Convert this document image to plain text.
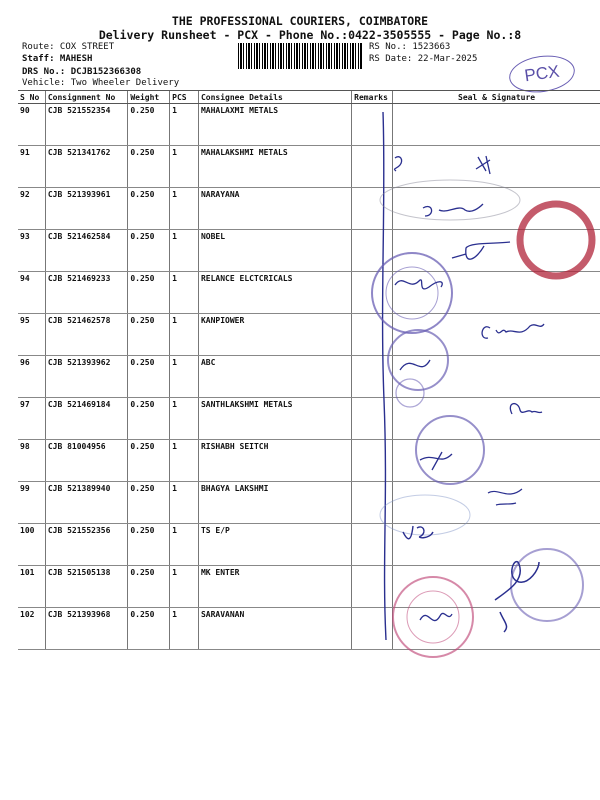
THE PROFESSIONAL COURIERS, COIMBATORE
Delivery Runsheet - PCX - Phone No.:0422-3505555 - Page No.:8
Route: COX STREET
Staff: MAHESH
DRS No.: DCJB152366308
Vehicle: Two Wheeler Delivery
RS No.: 1523663
RS Date: 22-Mar-2025
PCX
S No	Consignment No	Weight	PCS	Consignee Details	Remarks	Seal & Signature
90	CJB 521552354	0.250	1	MAHALAXMI METALS		
91	CJB 521341762	0.250	1	MAHALAKSHMI METALS		
92	CJB 521393961	0.250	1	NARAYANA		
93	CJB 521462584	0.250	1	NOBEL		
94	CJB 521469233	0.250	1	RELANCE ELCTCRICALS		
95	CJB 521462578	0.250	1	KANPIOWER		
96	CJB 521393962	0.250	1	ABC		
97	CJB 521469184	0.250	1	SANTHLAKSHMI METALS		
98	CJB 81004956	0.250	1	RISHABH SEITCH		
99	CJB 521389940	0.250	1	BHAGYA LAKSHMI		
100	CJB 521552356	0.250	1	TS E/P		
101	CJB 521505138	0.250	1	MK ENTER		
102	CJB 521393968	0.250	1	SARAVANAN		
